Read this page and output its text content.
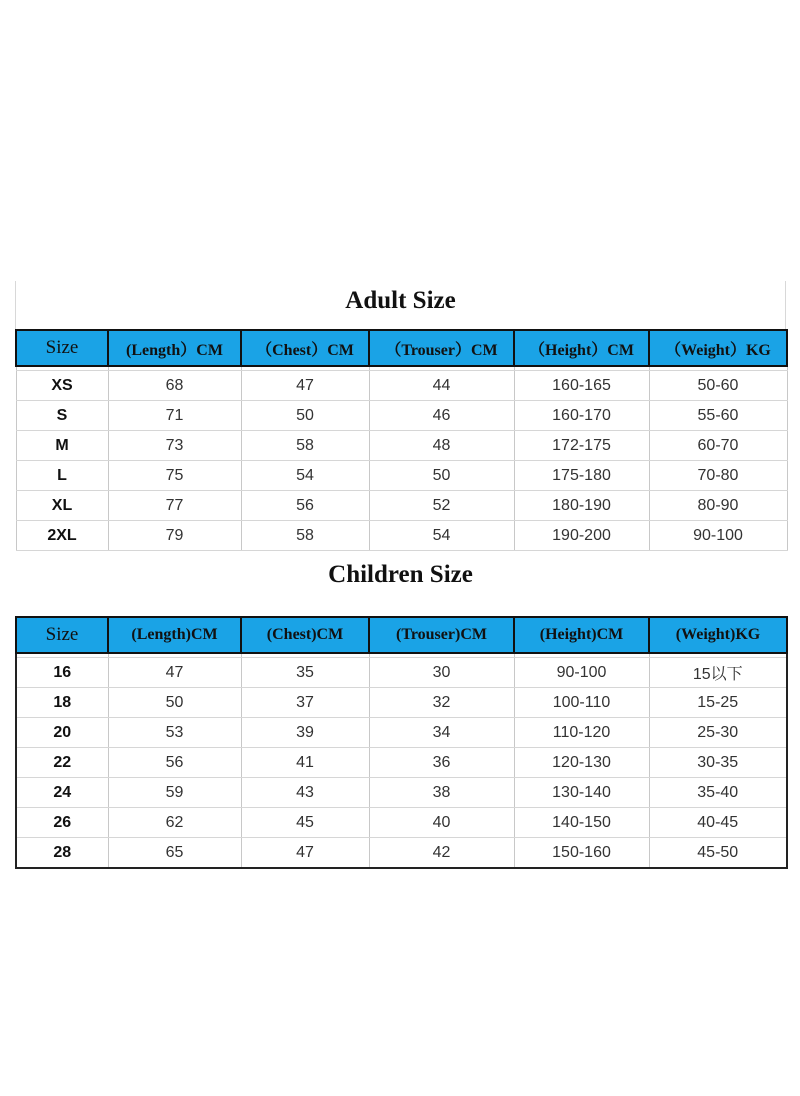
Adult Size
Size	(Length）CM	（Chest）CM	（Trouser）CM	（Height）CM	（Weight）KG

XS	68	47	44	160-165	50-60
S	71	50	46	160-170	55-60
M	73	58	48	172-175	60-70
L	75	54	50	175-180	70-80
XL	77	56	52	180-190	80-90
2XL	79	58	54	190-200	90-100
Children Size
Size	(Length)CM	(Chest)CM	(Trouser)CM	(Height)CM	(Weight)KG

16	47	35	30	90-100	15以下
18	50	37	32	100-110	15-25
20	53	39	34	110-120	25-30
22	56	41	36	120-130	30-35
24	59	43	38	130-140	35-40
26	62	45	40	140-150	40-45
28	65	47	42	150-160	45-50
